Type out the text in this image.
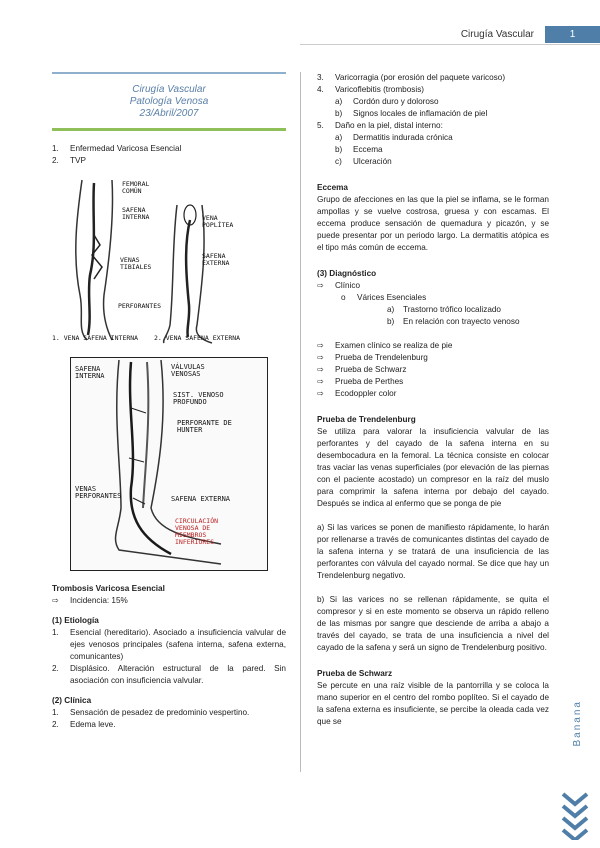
Cirugía Vascular	1
Cirugía Vascular
Patología Venosa
23/Abril/2007
1. Enfermedad Varicosa Esencial
2. TVP
FEMORAL COMÚN
SAFENA INTERNA
VENAS TIBIALES
PERFORANTES
1. VENA SAFENA INTERNA
VENA POPLÍTEA
SAFENA EXTERNA
2. VENA SAFENA EXTERNA
SAFENA INTERNA
VÁLVULAS VENOSAS
SIST. VENOSO PROFUNDO
PERFORANTE DE HUNTER
VENAS PERFORANTES	SAFENA EXTERNA
CIRCULACIÓN VENOSA DE MIEMBROS INFERIORES
Trombosis Varicosa Esencial
⇨ Incidencia: 15%
(1) Etiología
1. Esencial (hereditario). Asociado a insuficiencia valvular de ejes venosos principales (safena interna, safena externa, comunicantes)
2. Displásico. Alteración estructural de la pared. Sin asociación con insuficiencia valvular.
(2) Clínica
1. Sensación de pesadez de predominio vespertino.
2. Edema leve.
3. Varicorragia (por erosión del paquete varicoso)
4. Varicoflebitis (trombosis)
a) Cordón duro y doloroso
b) Signos locales de inflamación de piel
5. Daño en la piel, distal interno:
a) Dermatitis indurada crónica
b) Eccema
c) Ulceración
Eccema

Grupo de afecciones en las que la piel se inflama, se le forman ampollas y se vuelve costrosa, gruesa y con escamas. El eccema produce sensación de quemadura y picazón, y se puede presentar por un periodo largo. La dermatitis atópica es el tipo más común de eccema.

(3) Diagnóstico
⇨ Clínico
o Várices Esenciales
a) Trastorno trófico localizado
b) En relación con trayecto venoso
⇨ Examen clínico se realiza de pie
⇨ Prueba de Trendelenburg
⇨ Prueba de Schwarz
⇨ Prueba de Perthes
⇨ Ecodoppler color
Prueba de Trendelenburg

Se utiliza para valorar la insuficiencia valvular de las perforantes y del cayado de la safena interna en su desembocadura en la femoral. La técnica consiste en colocar tras vaciar las venas superficiales (por elevación de las piernas con el paciente acostado) un compresor en la raíz del muslo para comprimir la safena interna por debajo del cayado. Después se indica al enfermo que se ponga de pie

a) Si las varices se ponen de manifiesto rápidamente, lo harán por rellenarse a través de comunicantes distintas del cayado de la safena interna y se tratará de una insuficiencia de las perforantes con válvula del cayado normal. Se dice que hay un Trendelenburg negativo.

b) Si las varices no se rellenan rápidamente, se quita el compresor y si en este momento se observa un rápido relleno de las mismas por sangre que desciende de arriba a abajo a través del cayado, se trata de una insuficiencia a nivel del cayado de la safena y será un signo de Trendelenburg positivo.

Prueba de Schwarz

Se percute en una raíz visible de la pantorrilla y se coloca la mano superior en el centro del rombo poplíteo. Si el cayado de la safena externa es insuficiente, se percibe la oleada cada vez que se	Banana
